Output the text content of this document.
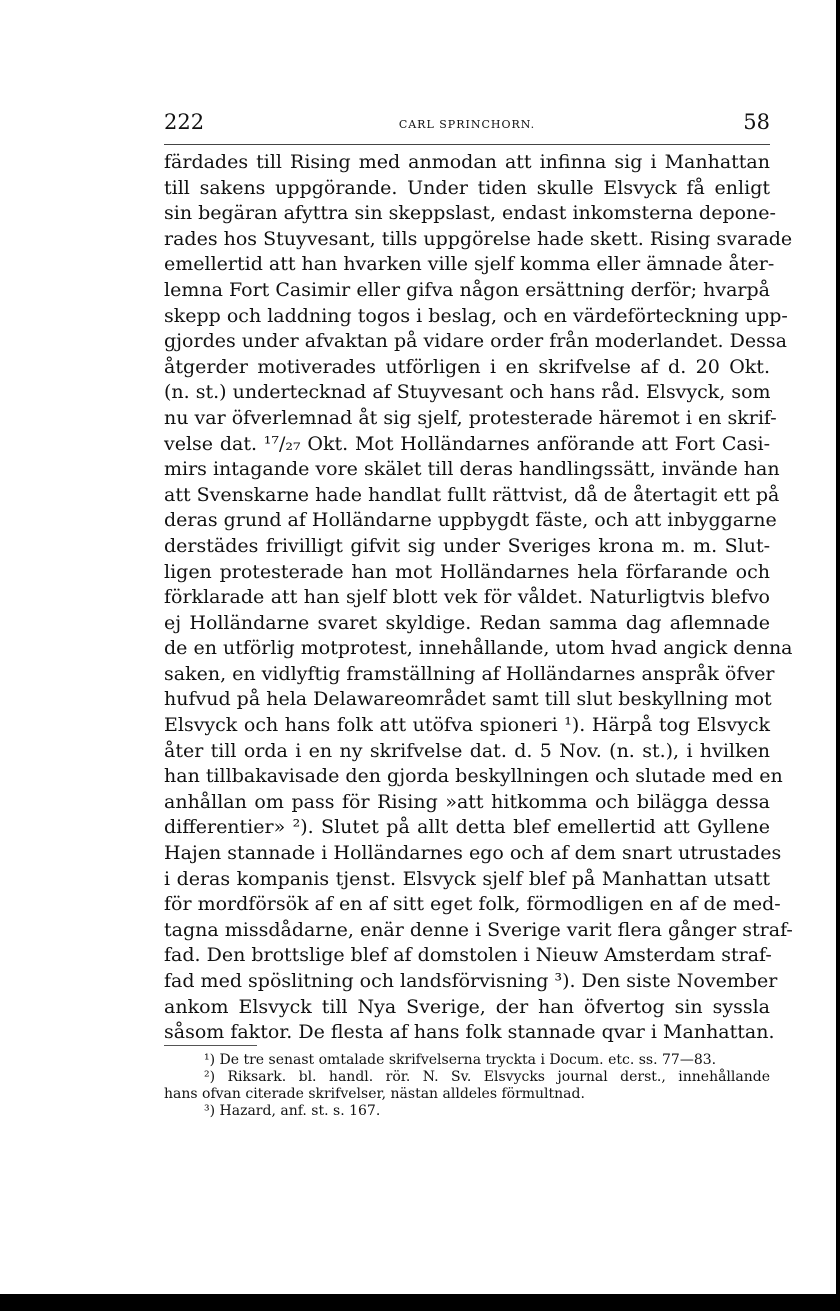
222	CARL SPRINCHORN.	58
färdades till Rising med anmodan att infinna sig i Manhattan
till sakens uppgörande. Under tiden skulle Elsvyck få enligt
sin begäran afyttra sin skeppslast, endast inkomsterna depone-
rades hos Stuyvesant, tills uppgörelse hade skett. Rising svarade
emellertid att han hvarken ville sjelf komma eller ämnade åter-
lemna Fort Casimir eller gifva någon ersättning derför; hvarpå
skepp och laddning togos i beslag, och en värdeförteckning upp-
gjordes under afvaktan på vidare order från moderlandet. Dessa
åtgerder motiverades utförligen i en skrifvelse af d. 20 Okt.
(n. st.) undertecknad af Stuyvesant och hans råd. Elsvyck, som
nu var öfverlemnad åt sig sjelf, protesterade häremot i en skrif-
velse dat. ¹⁷/₂₇ Okt. Mot Holländarnes anförande att Fort Casi-
mirs intagande vore skälet till deras handlingssätt, invände han
att Svenskarne hade handlat fullt rättvist, då de återtagit ett på
deras grund af Holländarne uppbygdt fäste, och att inbyggarne
derstädes frivilligt gifvit sig under Sveriges krona m. m. Slut-
ligen protesterade han mot Holländarnes hela förfarande och
förklarade att han sjelf blott vek för våldet. Naturligtvis blefvo
ej Holländarne svaret skyldige. Redan samma dag aflemnade
de en utförlig motprotest, innehållande, utom hvad angick denna
saken, en vidlyftig framställning af Holländarnes anspråk öfver
hufvud på hela Delawareområdet samt till slut beskyllning mot
Elsvyck och hans folk att utöfva spioneri ¹). Härpå tog Elsvyck
åter till orda i en ny skrifvelse dat. d. 5 Nov. (n. st.), i hvilken
han tillbakavisade den gjorda beskyllningen och slutade med en
anhållan om pass för Rising »att hitkomma och bilägga dessa
differentier» ²). Slutet på allt detta blef emellertid att Gyllene
Hajen stannade i Holländarnes ego och af dem snart utrustades
i deras kompanis tjenst. Elsvyck sjelf blef på Manhattan utsatt
för mordförsök af en af sitt eget folk, förmodligen en af de med-
tagna missdådarne, enär denne i Sverige varit flera gånger straf-
fad. Den brottslige blef af domstolen i Nieuw Amsterdam straf-
fad med spöslitning och landsförvisning ³). Den siste November
ankom Elsvyck till Nya Sverige, der han öfvertog sin syssla
såsom faktor. De flesta af hans folk stannade qvar i Manhattan.
¹) De tre senast omtalade skrifvelserna tryckta i Docum. etc. ss. 77—83.
²) Riksark. bl. handl. rör. N. Sv. Elsvycks journal derst., innehållande
hans ofvan citerade skrifvelser, nästan alldeles förmultnad.
³) Hazard, anf. st. s. 167.
